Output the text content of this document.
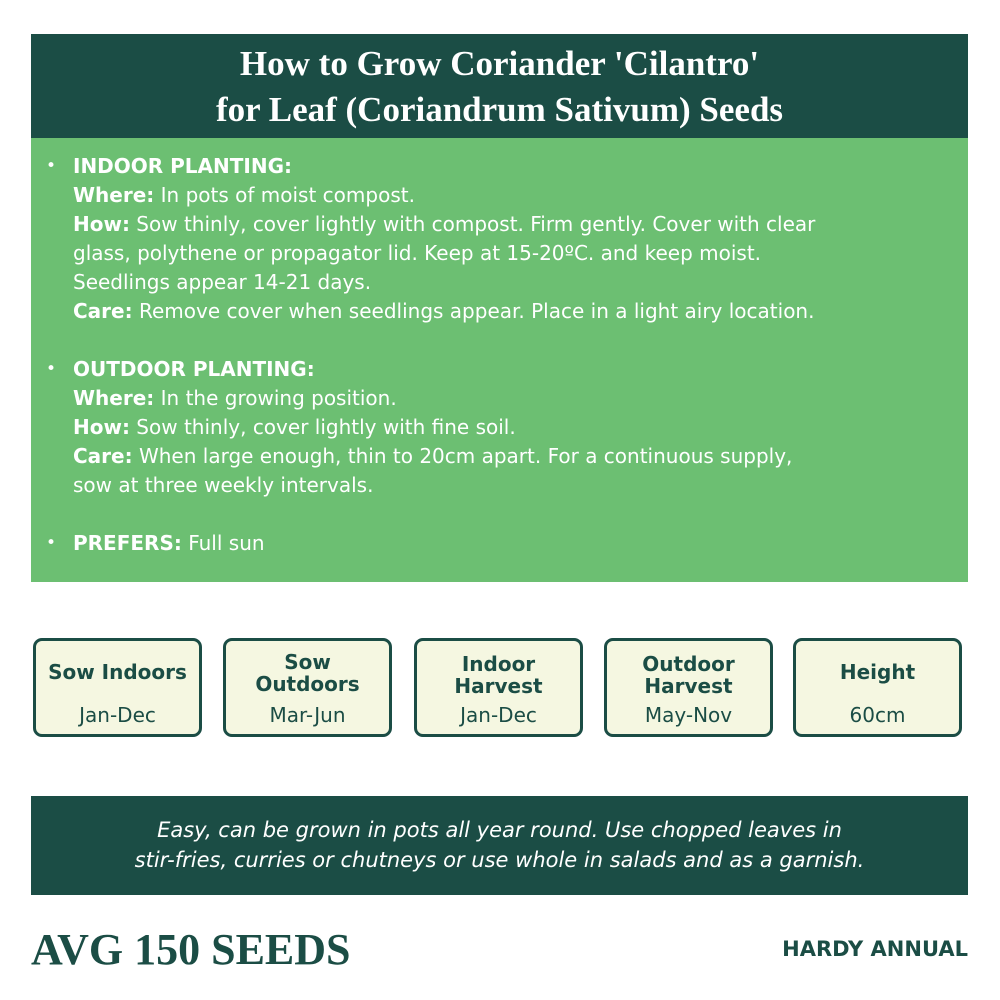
How to Grow Coriander 'Cilantro'
for Leaf (Coriandrum Sativum) Seeds
• INDOOR PLANTING:
Where: In pots of moist compost.
How: Sow thinly, cover lightly with compost. Firm gently. Cover with clear
glass, polythene or propagator lid. Keep at 15-20ºC. and keep moist.
Seedlings appear 14-21 days.
Care: Remove cover when seedlings appear. Place in a light airy location.
• OUTDOOR PLANTING:
Where: In the growing position.
How: Sow thinly, cover lightly with fine soil.
Care: When large enough, thin to 20cm apart. For a continuous supply,
sow at three weekly intervals.
• PREFERS: Full sun
Sow Indoors
Jan-Dec
Sow
Outdoors
Mar-Jun
Indoor
Harvest
Jan-Dec
Outdoor
Harvest
May-Nov
Height
60cm
Easy, can be grown in pots all year round. Use chopped leaves in
stir-fries, curries or chutneys or use whole in salads and as a garnish.
AVG 150 SEEDS	HARDY ANNUAL
